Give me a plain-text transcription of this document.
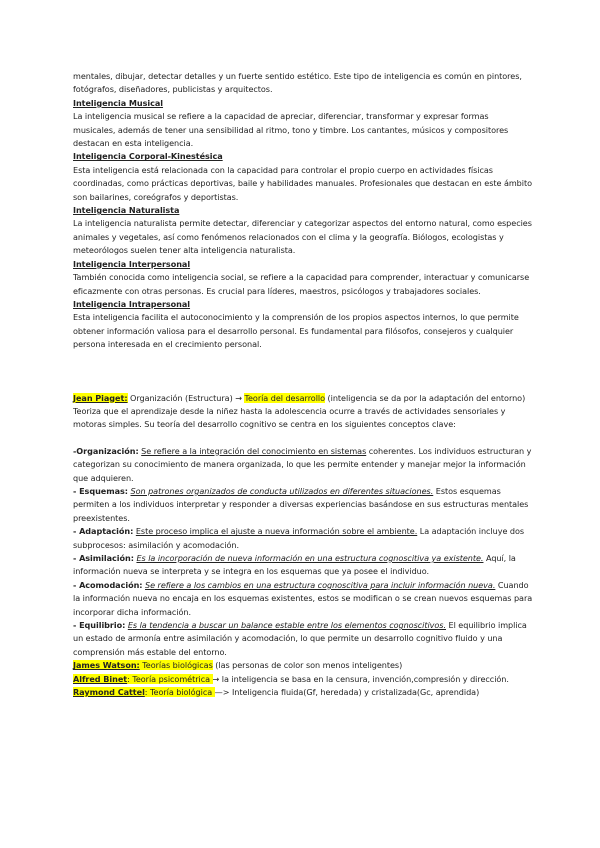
mentales, dibujar, detectar detalles y un fuerte sentido estético. Este tipo de inteligencia es común en pintores, fotógrafos, diseñadores, publicistas y arquitectos.

Inteligencia Musical

La inteligencia musical se refiere a la capacidad de apreciar, diferenciar, transformar y expresar formas musicales, además de tener una sensibilidad al ritmo, tono y timbre. Los cantantes, músicos y compositores destacan en esta inteligencia.

Inteligencia Corporal-Kinestésica

Esta inteligencia está relacionada con la capacidad para controlar el propio cuerpo en actividades físicas coordinadas, como prácticas deportivas, baile y habilidades manuales. Profesionales que destacan en este ámbito son bailarines, coreógrafos y deportistas.

Inteligencia Naturalista

La inteligencia naturalista permite detectar, diferenciar y categorizar aspectos del entorno natural, como especies animales y vegetales, así como fenómenos relacionados con el clima y la geografía. Biólogos, ecologistas y meteorólogos suelen tener alta inteligencia naturalista.

Inteligencia Interpersonal

También conocida como inteligencia social, se refiere a la capacidad para comprender, interactuar y comunicarse eficazmente con otras personas. Es crucial para líderes, maestros, psicólogos y trabajadores sociales.

Inteligencia Intrapersonal

Esta inteligencia facilita el autoconocimiento y la comprensión de los propios aspectos internos, lo que permite obtener información valiosa para el desarrollo personal. Es fundamental para filósofos, consejeros y cualquier persona interesada en el crecimiento personal.

Jean Piaget: Organización (Estructura) → Teoría del desarrollo (inteligencia se da por la adaptación del entorno)

Teoriza que el aprendizaje desde la niñez hasta la adolescencia ocurre a través de actividades sensoriales y motoras simples. Su teoría del desarrollo cognitivo se centra en los siguientes conceptos clave:

-Organización: Se refiere a la integración del conocimiento en sistemas coherentes. Los individuos estructuran y categorizan su conocimiento de manera organizada, lo que les permite entender y manejar mejor la información que adquieren.

- Esquemas: Son patrones organizados de conducta utilizados en diferentes situaciones. Estos esquemas permiten a los individuos interpretar y responder a diversas experiencias basándose en sus estructuras mentales preexistentes.

- Adaptación: Este proceso implica el ajuste a nueva información sobre el ambiente. La adaptación incluye dos subprocesos: asimilación y acomodación.

- Asimilación: Es la incorporación de nueva información en una estructura cognoscitiva ya existente. Aquí, la información nueva se interpreta y se integra en los esquemas que ya posee el individuo.

- Acomodación: Se refiere a los cambios en una estructura cognoscitiva para incluir información nueva. Cuando la información nueva no encaja en los esquemas existentes, estos se modifican o se crean nuevos esquemas para incorporar dicha información.

- Equilibrio: Es la tendencia a buscar un balance estable entre los elementos cognoscitivos. El equilibrio implica un estado de armonía entre asimilación y acomodación, lo que permite un desarrollo cognitivo fluido y una comprensión más estable del entorno.

James Watson: Teorías biológicas (las personas de color son menos inteligentes)

Alfred Binet: Teoría psicométrica → la inteligencia se basa en la censura, invención,compresión y dirección.

Raymond Cattel: Teoría biológica —> Inteligencia fluida(Gf, heredada) y cristalizada(Gc, aprendida)
